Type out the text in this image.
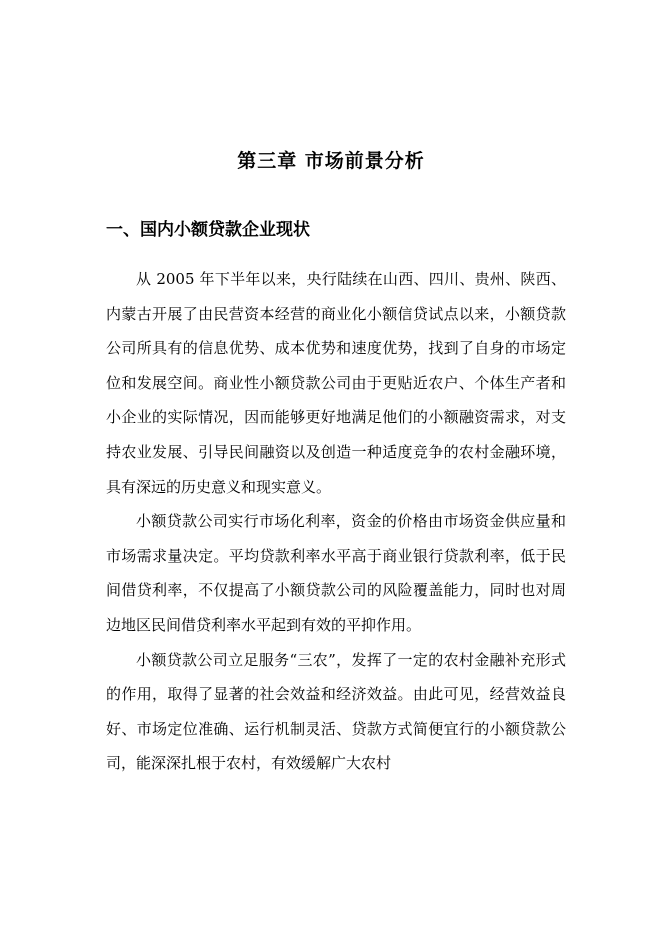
第三章 市场前景分析
一、国内小额贷款企业现状

从 2005 年下半年以来，央行陆续在山西、四川、贵州、陕西、内蒙古开展了由民营资本经营的商业化小额信贷试点以来，小额贷款公司所具有的信息优势、成本优势和速度优势，找到了自身的市场定位和发展空间。商业性小额贷款公司由于更贴近农户、个体生产者和小企业的实际情况，因而能够更好地满足他们的小额融资需求，对支持农业发展、引导民间融资以及创造一种适度竞争的农村金融环境，具有深远的历史意义和现实意义。

小额贷款公司实行市场化利率，资金的价格由市场资金供应量和市场需求量决定。平均贷款利率水平高于商业银行贷款利率，低于民间借贷利率，不仅提高了小额贷款公司的风险覆盖能力，同时也对周边地区民间借贷利率水平起到有效的平抑作用。

小额贷款公司立足服务“三农”，发挥了一定的农村金融补充形式的作用，取得了显著的社会效益和经济效益。由此可见，经营效益良好、市场定位准确、运行机制灵活、贷款方式简便宜行的小额贷款公司，能深深扎根于农村，有效缓解广大农村
